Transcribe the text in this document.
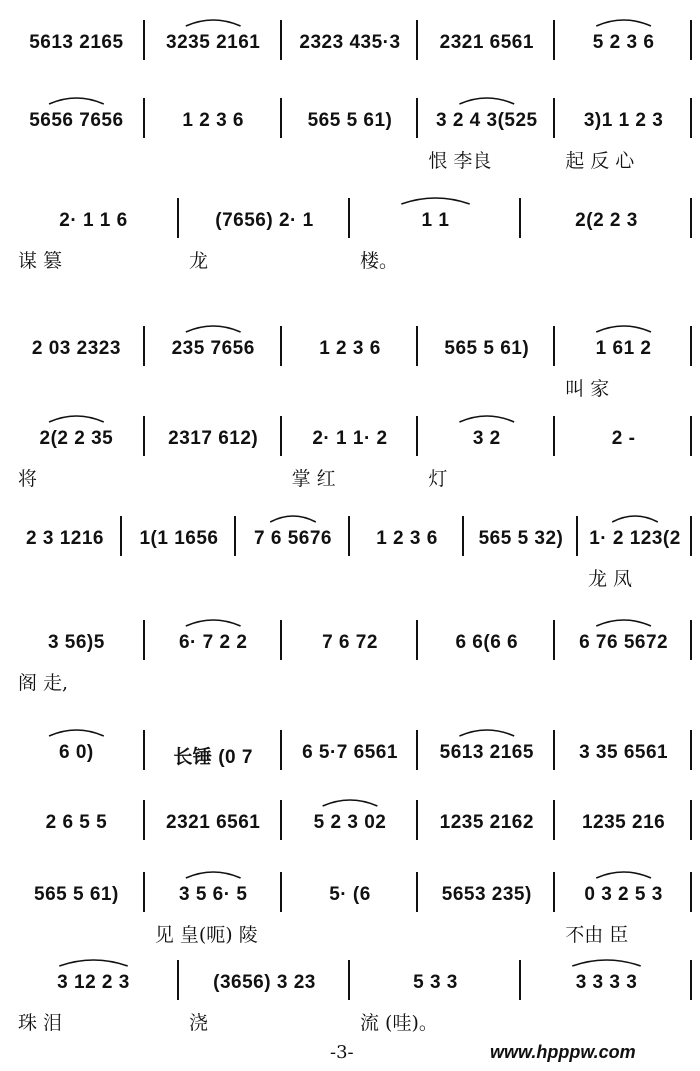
5613 2165	3235 2161	2323 435·3	2321 6561	5 2 3 6
5656 7656	1 2 3 6	565 5 61)	3 2 4 3(525	3)1 1 2 3
恨 李良	起 反 心
2· 1 1 6	(7656) 2· 1	1 1	2(2 2 3
谋 篡	龙	楼。
2 03 2323	235 7656	1 2 3 6	565 5 61)	1 61 2
叫 家
2(2 2 35	2317 612)	2· 1 1· 2	3 2	2 -
将	掌 红	灯
2 3 1216	1(1 1656	7 6 5676	1 2 3 6	565 5 32)	1· 2 123(2
龙 凤
3 56)5	6· 7 2 2	7 6 72	6 6(6 6	6 76 5672
阁 走,
6 0)	长锤 (0 7	6 5·7 6561	5613 2165	3 35 6561
2 6 5 5	2321 6561	5 2 3 02	1235 2162	1235 216
565 5 61)	3 5 6· 5	5· (6	5653 235)	0 3 2 5 3
见 皇(呃) 陵	不由 臣
3 12 2 3	(3656) 3 23	5 3 3	3 3 3 3
珠 泪	浇	流 (哇)。
-3-	www.hpppw.com
